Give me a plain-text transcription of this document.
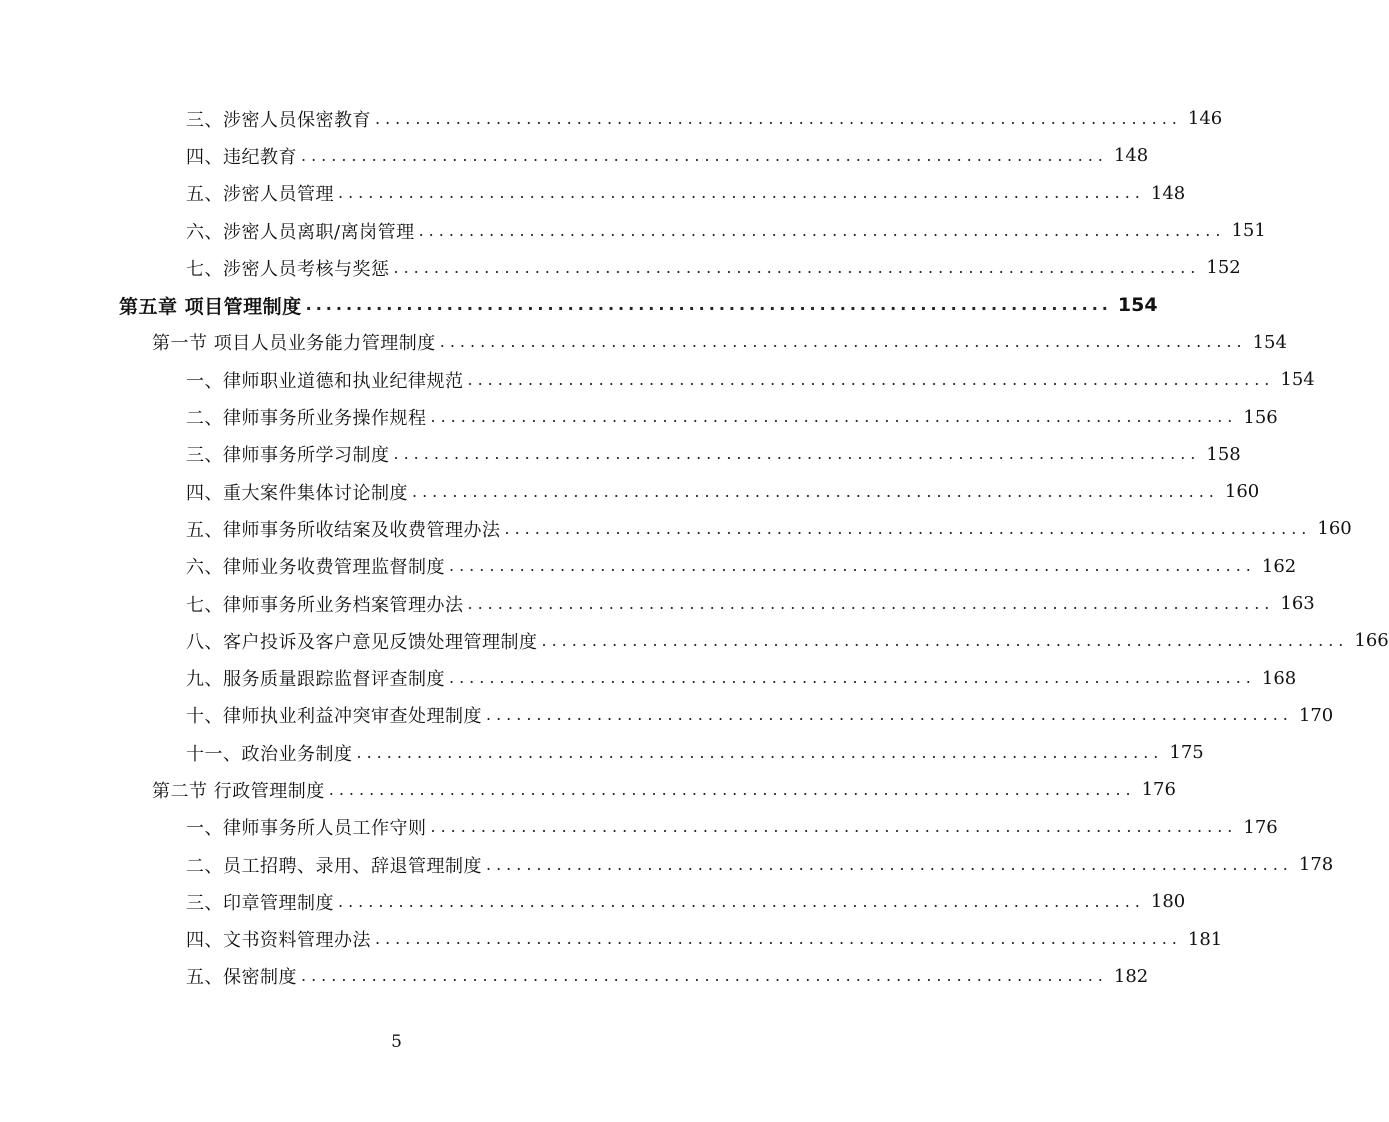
三、涉密人员保密教育 ................................................................................ 146
四、违纪教育 ................................................................................ 148
五、涉密人员管理 ................................................................................ 148
六、涉密人员离职/离岗管理 ................................................................................ 151
七、涉密人员考核与奖惩 ................................................................................ 152
第五章 项目管理制度 ................................................................................ 154
第一节 项目人员业务能力管理制度 ................................................................................ 154
一、律师职业道德和执业纪律规范 ................................................................................ 154
二、律师事务所业务操作规程 ................................................................................ 156
三、律师事务所学习制度 ................................................................................ 158
四、重大案件集体讨论制度 ................................................................................ 160
五、律师事务所收结案及收费管理办法 ................................................................................ 160
六、律师业务收费管理监督制度 ................................................................................ 162
七、律师事务所业务档案管理办法 ................................................................................ 163
八、客户投诉及客户意见反馈处理管理制度 ................................................................................ 166
九、服务质量跟踪监督评查制度 ................................................................................ 168
十、律师执业利益冲突审查处理制度 ................................................................................ 170
十一、政治业务制度 ................................................................................ 175
第二节 行政管理制度 ................................................................................ 176
一、律师事务所人员工作守则 ................................................................................ 176
二、员工招聘、录用、辞退管理制度 ................................................................................ 178
三、印章管理制度 ................................................................................ 180
四、文书资料管理办法 ................................................................................ 181
五、保密制度 ................................................................................ 182
5
